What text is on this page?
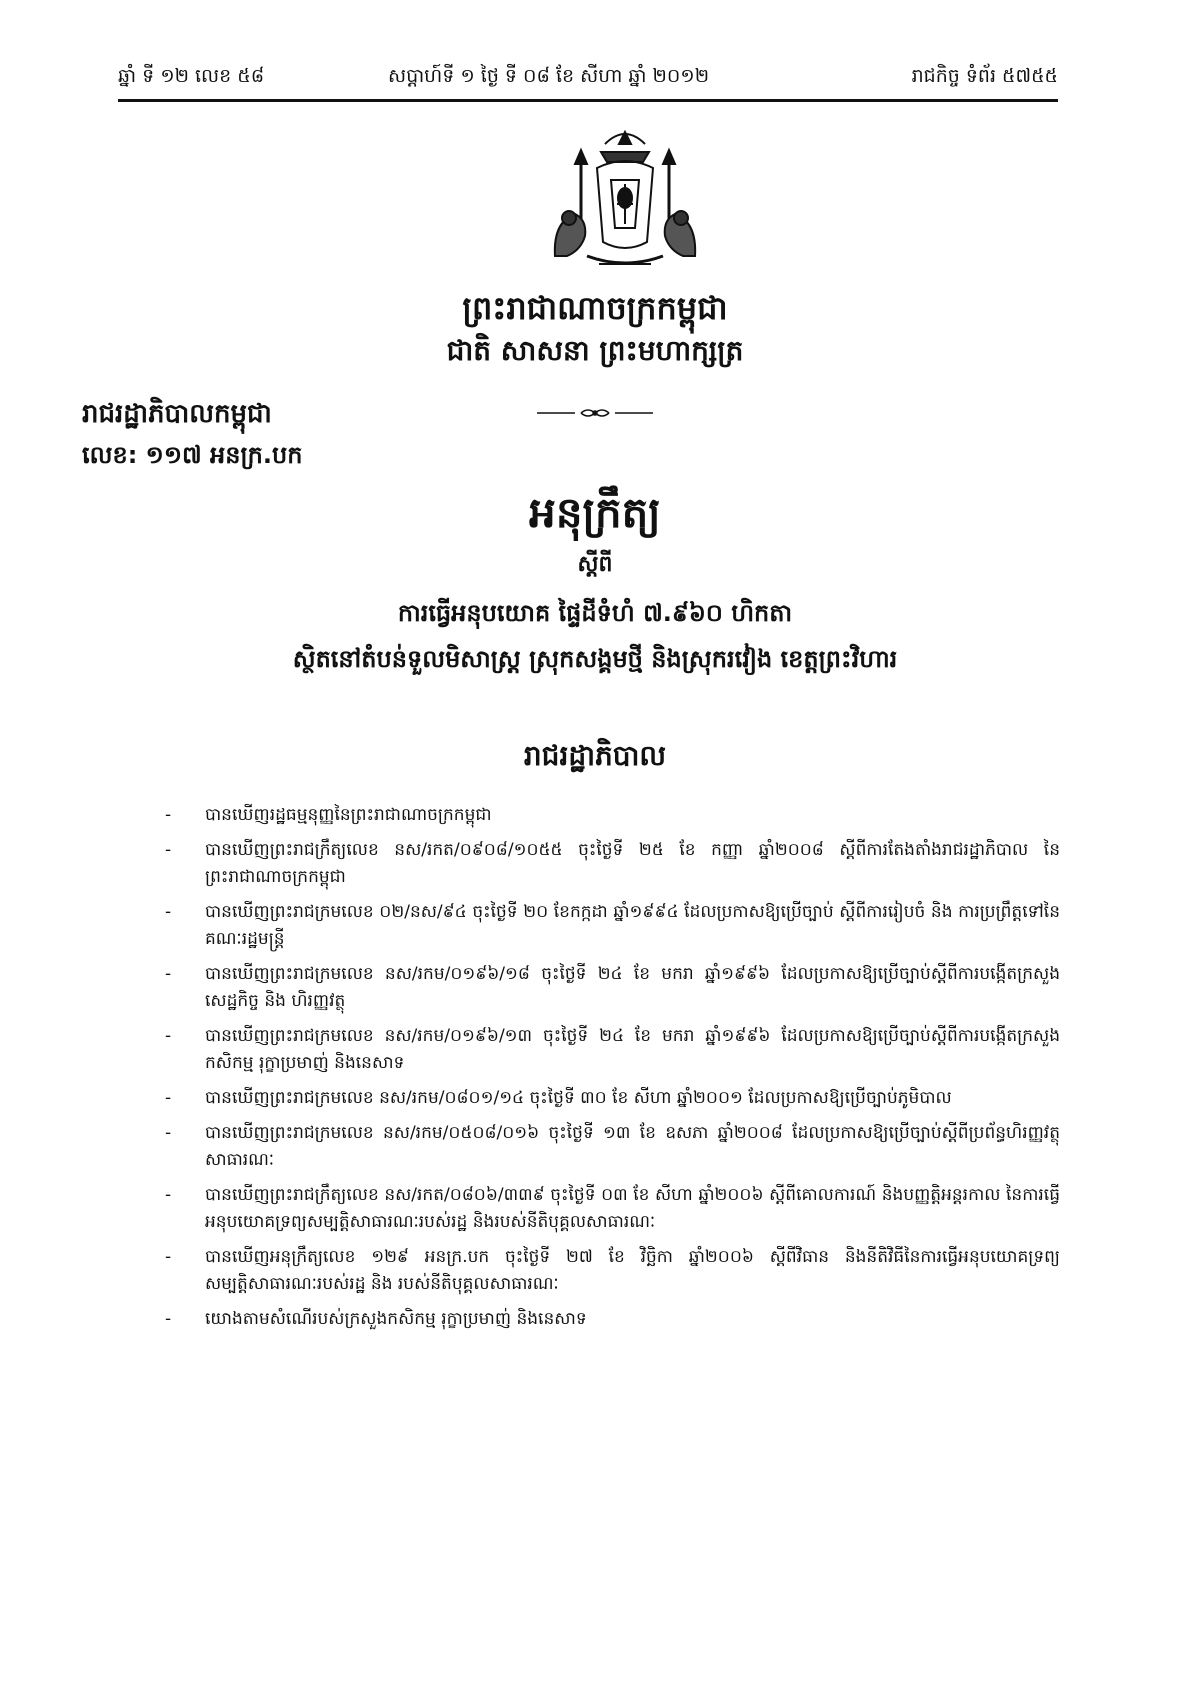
ឆ្នាំ ទី ១២ លេខ ៥៨	សប្តាហ៍ទី ១ ថ្ងៃ ទី ០៨ ខែ សីហា ឆ្នាំ ២០១២	រាជកិច្ច ទំព័រ ៥៧៥៥
ព្រះរាជាណាចក្រកម្ពុជា
ជាតិ សាសនា ព្រះមហាក្សត្រ
រាជរដ្ឋាភិបាលកម្ពុជា
លេខ: ១១៧ អនក្រ.បក
អនុក្រឹត្យ
ស្តីពី
ការធ្វើអនុបយោគ ផ្ទៃដីទំហំ ៧.៩៦០ ហិកតា
ស្ថិតនៅតំបន់ទួលមិសាស្ត្រ ស្រុកសង្គមថ្មី និងស្រុករវៀង ខេត្តព្រះវិហារ
រាជរដ្ឋាភិបាល
-	បានឃើញរដ្ឋធម្មនុញ្ញនៃព្រះរាជាណាចក្រកម្ពុជា
-	បានឃើញព្រះរាជក្រឹត្យលេខ នស/រកត/០៩០៨/១០៥៥ ចុះថ្ងៃទី ២៥ ខែ កញ្ញា ឆ្នាំ២០០៨ ស្តីពីការតែងតាំងរាជរដ្ឋាភិបាល នៃព្រះរាជាណាចក្រកម្ពុជា
-	បានឃើញព្រះរាជក្រមលេខ ០២/នស/៩៤ ចុះថ្ងៃទី ២០ ខែកក្កដា ឆ្នាំ១៩៩៤ ដែលប្រកាសឱ្យប្រើច្បាប់ ស្តីពីការរៀបចំ និង ការប្រព្រឹត្តទៅនៃគណៈរដ្ឋមន្ត្រី
-	បានឃើញព្រះរាជក្រមលេខ នស/រកម/០១៩៦/១៨ ចុះថ្ងៃទី ២៤ ខែ មករា ឆ្នាំ១៩៩៦ ដែលប្រកាសឱ្យប្រើច្បាប់ស្តីពីការបង្កើតក្រសួងសេដ្ឋកិច្ច និង ហិរញ្ញវត្ថុ
-	បានឃើញព្រះរាជក្រមលេខ នស/រកម/០១៩៦/១៣ ចុះថ្ងៃទី ២៤ ខែ មករា ឆ្នាំ១៩៩៦ ដែលប្រកាសឱ្យប្រើច្បាប់ស្តីពីការបង្កើតក្រសួងកសិកម្ម រុក្ខាប្រមាញ់ និងនេសាទ
-	បានឃើញព្រះរាជក្រមលេខ នស/រកម/០៨០១/១៤ ចុះថ្ងៃទី ៣០ ខែ សីហា ឆ្នាំ២០០១ ដែលប្រកាសឱ្យប្រើច្បាប់ភូមិបាល
-	បានឃើញព្រះរាជក្រមលេខ នស/រកម/០៥០៨/០១៦ ចុះថ្ងៃទី ១៣ ខែ ឧសភា ឆ្នាំ២០០៨ ដែលប្រកាសឱ្យប្រើច្បាប់ស្តីពីប្រព័ន្ធហិរញ្ញវត្ថុ សាធារណៈ
-	បានឃើញព្រះរាជក្រឹត្យលេខ នស/រកត/០៨០៦/៣៣៩ ចុះថ្ងៃទី ០៣ ខែ សីហា ឆ្នាំ២០០៦ ស្តីពីគោលការណ៍ និងបញ្ញត្តិអន្តរកាល នៃការធ្វើអនុបយោគទ្រព្យសម្បត្តិសាធារណៈរបស់រដ្ឋ និងរបស់នីតិបុគ្គលសាធារណៈ
-	បានឃើញអនុក្រឹត្យលេខ ១២៩ អនក្រ.បក ចុះថ្ងៃទី ២៧ ខែ វិច្ឆិកា ឆ្នាំ២០០៦ ស្តីពីវិធាន និងនីតិវិធីនៃការធ្វើអនុបយោគទ្រព្យសម្បត្តិសាធារណៈរបស់រដ្ឋ និង របស់នីតិបុគ្គលសាធារណៈ
-	យោងតាមសំណើរបស់ក្រសួងកសិកម្ម រុក្ខាប្រមាញ់ និងនេសាទ
